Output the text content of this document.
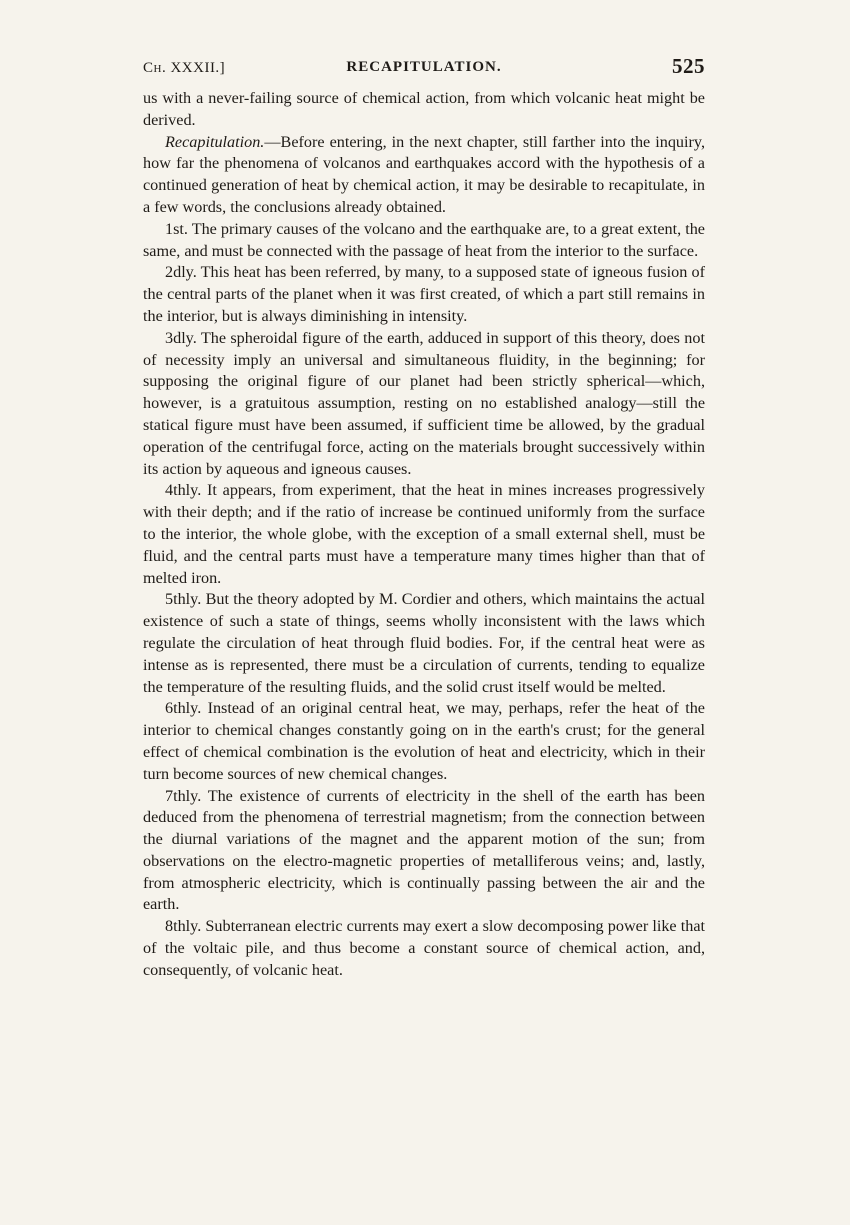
Ch. XXXII.]	RECAPITULATION.	525

us with a never-failing source of chemical action, from which volcanic heat might be derived.

Recapitulation.—Before entering, in the next chapter, still farther into the inquiry, how far the phenomena of volcanos and earthquakes accord with the hypothesis of a continued generation of heat by chemical action, it may be desirable to recapitulate, in a few words, the conclusions already obtained.

1st. The primary causes of the volcano and the earthquake are, to a great extent, the same, and must be connected with the passage of heat from the interior to the surface.

2dly. This heat has been referred, by many, to a supposed state of igneous fusion of the central parts of the planet when it was first created, of which a part still remains in the interior, but is always diminishing in intensity.

3dly. The spheroidal figure of the earth, adduced in support of this theory, does not of necessity imply an universal and simultaneous fluidity, in the beginning; for supposing the original figure of our planet had been strictly spherical—which, however, is a gratuitous assumption, resting on no established analogy—still the statical figure must have been assumed, if sufficient time be allowed, by the gradual operation of the centrifugal force, acting on the materials brought successively within its action by aqueous and igneous causes.

4thly. It appears, from experiment, that the heat in mines increases progressively with their depth; and if the ratio of increase be continued uniformly from the surface to the interior, the whole globe, with the exception of a small external shell, must be fluid, and the central parts must have a temperature many times higher than that of melted iron.

5thly. But the theory adopted by M. Cordier and others, which maintains the actual existence of such a state of things, seems wholly inconsistent with the laws which regulate the circulation of heat through fluid bodies. For, if the central heat were as intense as is represented, there must be a circulation of currents, tending to equalize the temperature of the resulting fluids, and the solid crust itself would be melted.

6thly. Instead of an original central heat, we may, perhaps, refer the heat of the interior to chemical changes constantly going on in the earth's crust; for the general effect of chemical combination is the evolution of heat and electricity, which in their turn become sources of new chemical changes.

7thly. The existence of currents of electricity in the shell of the earth has been deduced from the phenomena of terrestrial magnetism; from the connection between the diurnal variations of the magnet and the apparent motion of the sun; from observations on the electro-magnetic properties of metalliferous veins; and, lastly, from atmospheric electricity, which is continually passing between the air and the earth.

8thly. Subterranean electric currents may exert a slow decomposing power like that of the voltaic pile, and thus become a constant source of chemical action, and, consequently, of volcanic heat.
